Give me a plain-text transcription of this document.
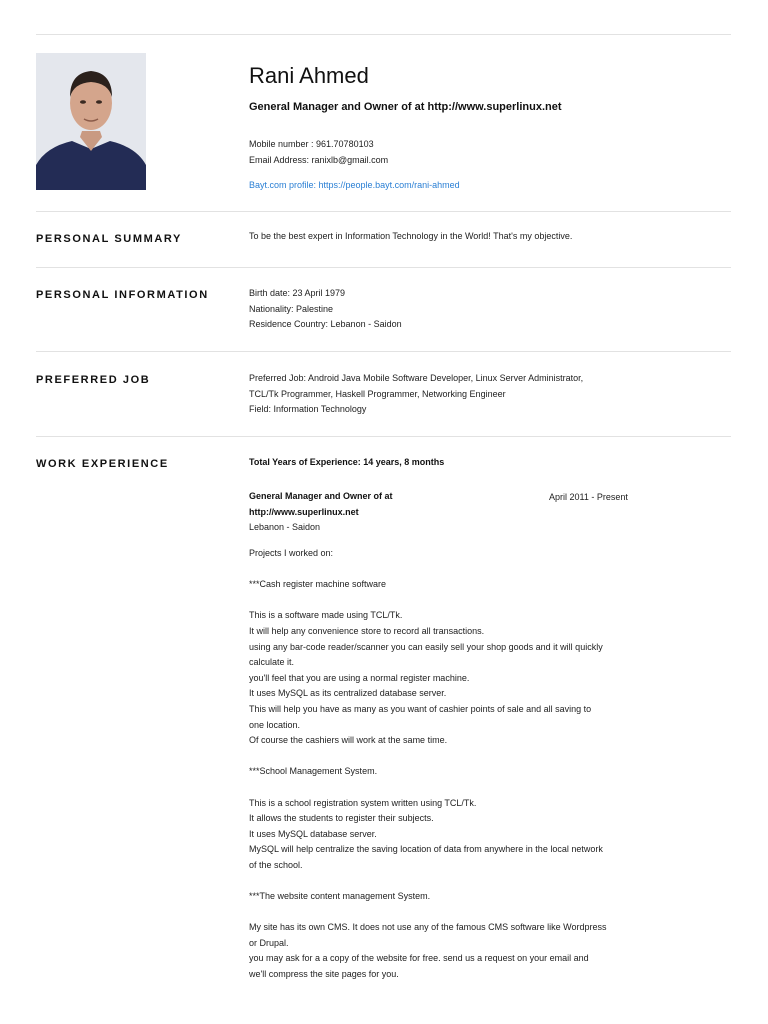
Rani Ahmed
General Manager and Owner of at http://www.superlinux.net
Mobile number : 961.70780103
Email Address: ranixlb@gmail.com
Bayt.com profile: https://people.bayt.com/rani-ahmed
PERSONAL SUMMARY	To be the best expert in Information Technology in the World! That's my objective.
PERSONAL INFORMATION	Birth date: 23 April 1979
Nationality: Palestine
Residence Country: Lebanon - Saidon
PREFERRED JOB	Preferred Job: Android Java Mobile Software Developer, Linux Server Administrator,
TCL/Tk Programmer, Haskell Programmer, Networking Engineer
Field: Information Technology
WORK EXPERIENCE	Total Years of Experience: 14 years, 8 months
General Manager and Owner of at
http://www.superlinux.net
Lebanon - Saidon
April 2011 - Present
Projects I worked on:

***Cash register machine software

This is a software made using TCL/Tk.
It will help any convenience store to record all transactions.
using any bar-code reader/scanner you can easily sell your shop goods and it will quickly
calculate it.
you'll feel that you are using a normal register machine.
It uses MySQL as its centralized database server.
This will help you have as many as you want of cashier points of sale and all saving to
one location.
Of course the cashiers will work at the same time.

***School Management System.

This is a school registration system written using TCL/Tk.
It allows the students to register their subjects.
It uses MySQL database server.
MySQL will help centralize the saving location of data from anywhere in the local network
of the school.

***The website content management System.

My site has its own CMS. It does not use any of the famous CMS software like Wordpress
or Drupal.
you may ask for a a copy of the website for free. send us a request on your email and
we'll compress the site pages for you.
